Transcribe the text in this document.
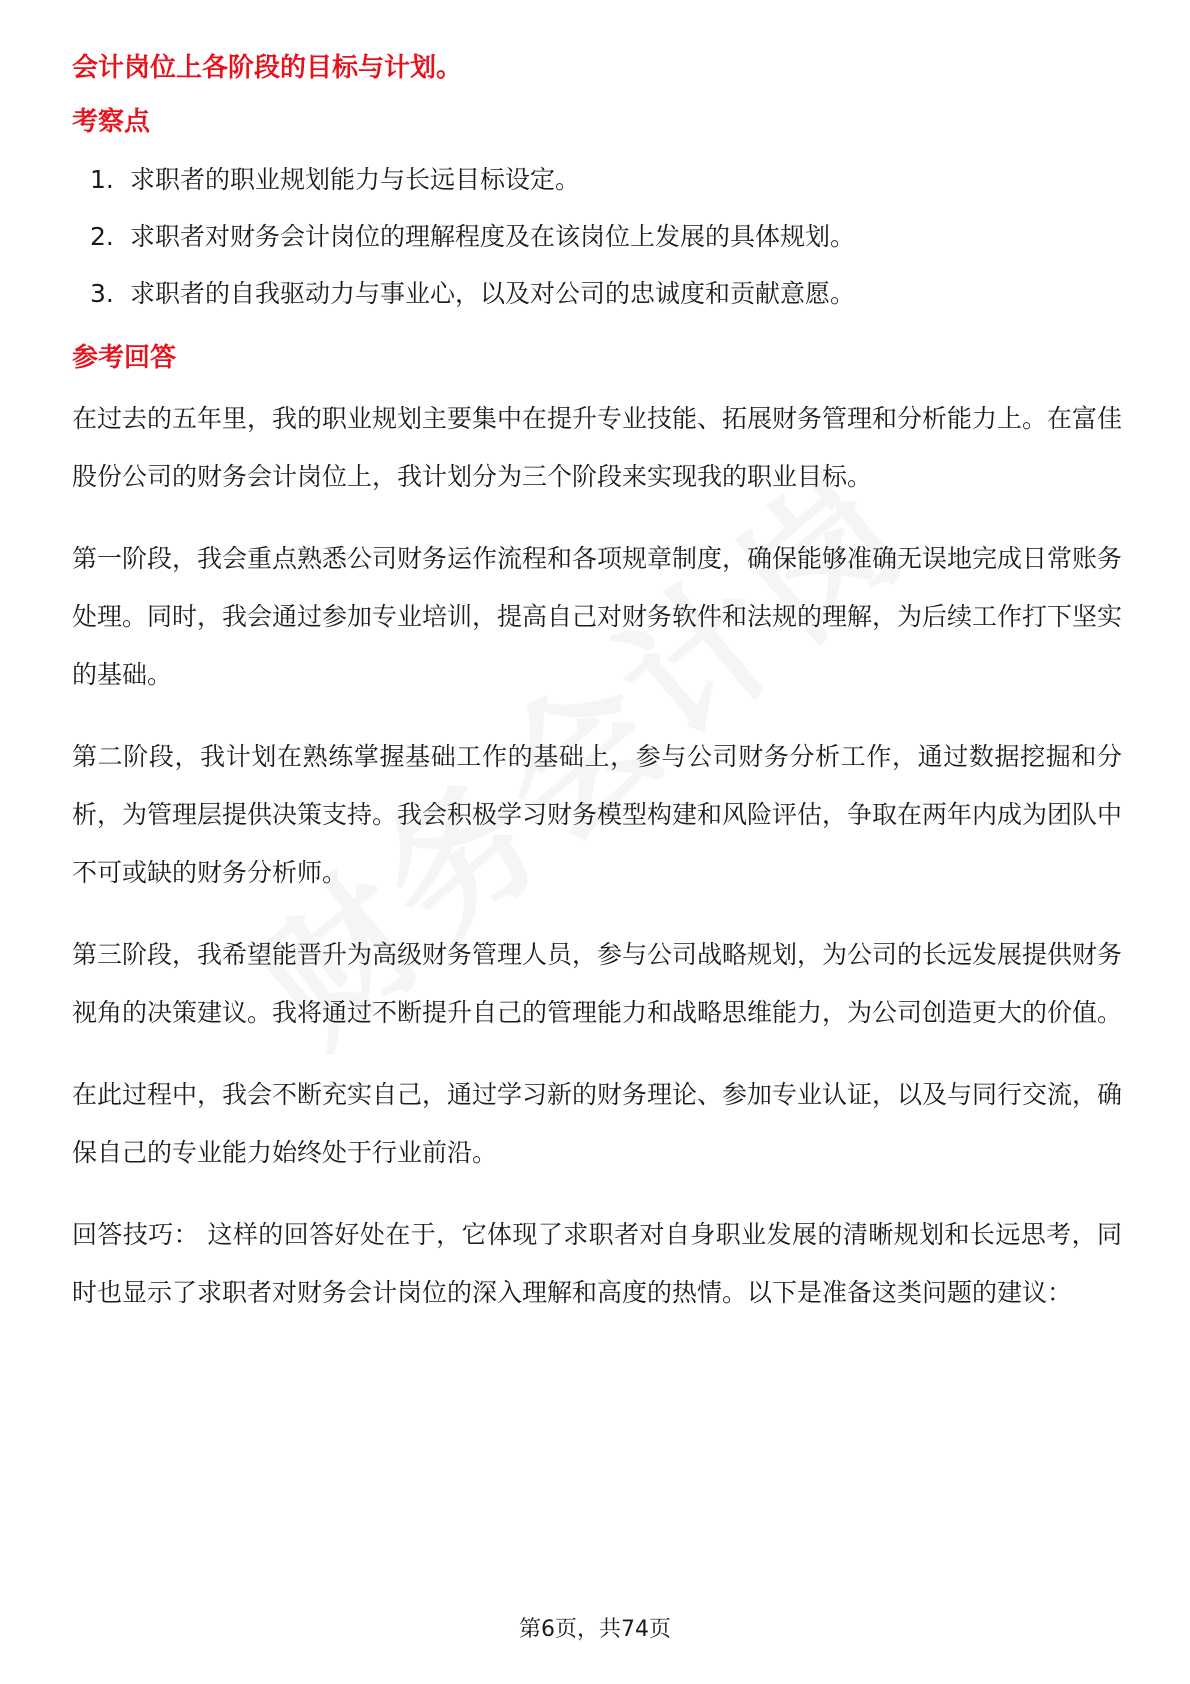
会计岗位上各阶段的目标与计划。
考察点
1. 求职者的职业规划能力与长远目标设定。
2. 求职者对财务会计岗位的理解程度及在该岗位上发展的具体规划。
3. 求职者的自我驱动力与事业心，以及对公司的忠诚度和贡献意愿。
参考回答

在过去的五年里，我的职业规划主要集中在提升专业技能、拓展财务管理和分析能力上。在富佳股份公司的财务会计岗位上，我计划分为三个阶段来实现我的职业目标。

第一阶段，我会重点熟悉公司财务运作流程和各项规章制度，确保能够准确无误地完成日常账务处理。同时，我会通过参加专业培训，提高自己对财务软件和法规的理解，为后续工作打下坚实的基础。

第二阶段，我计划在熟练掌握基础工作的基础上，参与公司财务分析工作，通过数据挖掘和分析，为管理层提供决策支持。我会积极学习财务模型构建和风险评估，争取在两年内成为团队中不可或缺的财务分析师。

第三阶段，我希望能晋升为高级财务管理人员，参与公司战略规划，为公司的长远发展提供财务视角的决策建议。我将通过不断提升自己的管理能力和战略思维能力，为公司创造更大的价值。

在此过程中，我会不断充实自己，通过学习新的财务理论、参加专业认证，以及与同行交流，确保自己的专业能力始终处于行业前沿。

回答技巧： 这样的回答好处在于，它体现了求职者对自身职业发展的清晰规划和长远思考，同时也显示了求职者对财务会计岗位的深入理解和高度的热情。以下是准备这类问题的建议：

第6页，共74页
